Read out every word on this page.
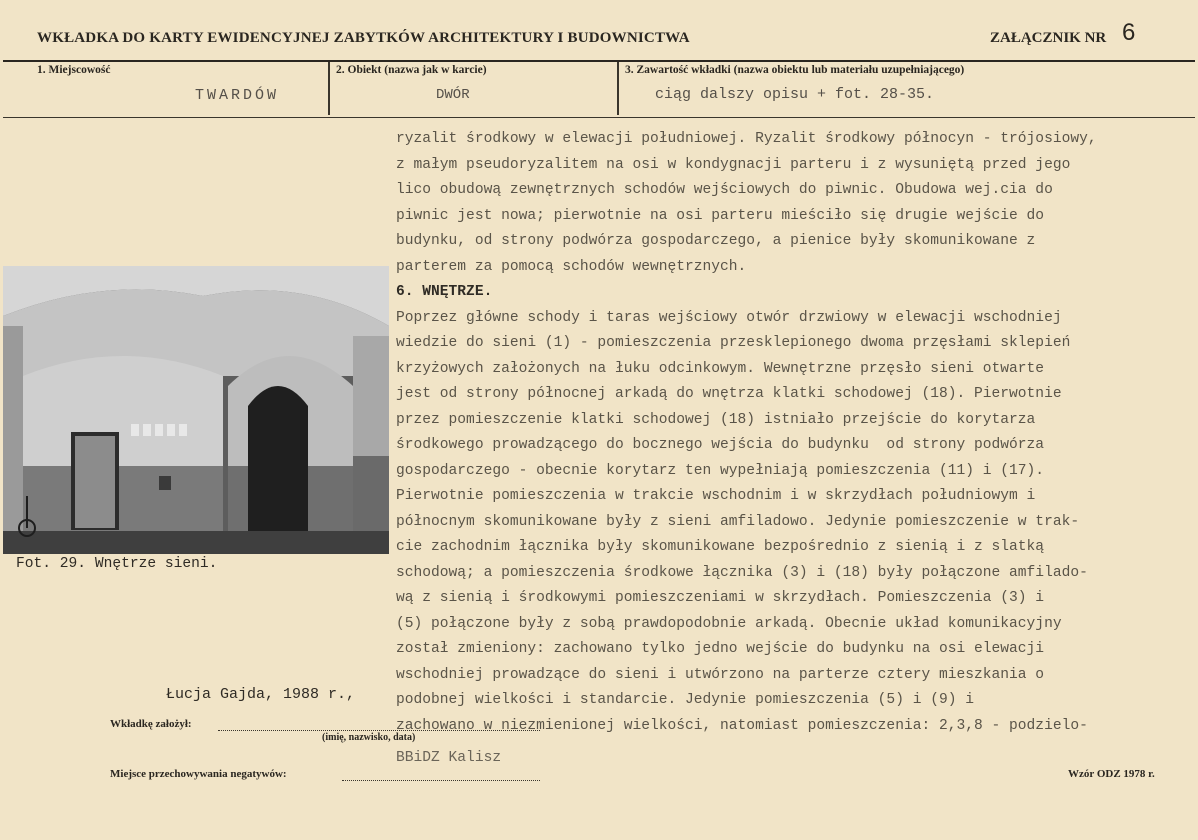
WKŁADKA DO KARTY EWIDENCYJNEJ ZABYTKÓW ARCHITEKTURY I BUDOWNICTWA	ZAŁĄCZNIK NR 6
1. Miejscowość
TWARDÓW
2. Obiekt (nazwa jak w karcie)
DWÓR
3. Zawartość wkładki (nazwa obiektu lub materiału uzupełniającego)
ciąg dalszy opisu + fot. 28-35.
ryzalit środkowy w elewacji południowej. Ryzalit środkowy północyn - trójosiowy,
z małym pseudoryzalitem na osi w kondygnacji parteru i z wysuniętą przed jego
lico obudową zewnętrznych schodów wejściowych do piwnic. Obudowa wej.cia do
piwnic jest nowa; pierwotnie na osi parteru mieściło się drugie wejście do
budynku, od strony podwórza gospodarczego, a pienice były skomunikowane z
parterem za pomocą schodów wewnętrznych.
6. WNĘTRZE.
Poprzez główne schody i taras wejściowy otwór drzwiowy w elewacji wschodniej
wiedzie do sieni (1) - pomieszczenia przesklepionego dwoma przęsłami sklepień
krzyżowych założonych na łuku odcinkowym. Wewnętrzne przęsło sieni otwarte
jest od strony północnej arkadą do wnętrza klatki schodowej (18). Pierwotnie
przez pomieszczenie klatki schodowej (18) istniało przejście do korytarza
środkowego prowadzącego do bocznego wejścia do budynku  od strony podwórza
gospodarczego - obecnie korytarz ten wypełniają pomieszczenia (11) i (17).
Pierwotnie pomieszczenia w trakcie wschodnim i w skrzydłach południowym i
północnym skomunikowane były z sieni amfiladowo. Jedynie pomieszczenie w trak-
cie zachodnim łącznika były skomunikowane bezpośrednio z sienią i z slatką
schodową; a pomieszczenia środkowe łącznika (3) i (18) były połączone amfilado-
wą z sienią i środkowymi pomieszczeniami w skrzydłach. Pomieszczenia (3) i
(5) połączone były z sobą prawdopodobnie arkadą. Obecnie układ komunikacyjny
został zmieniony: zachowano tylko jedno wejście do budynku na osi elewacji
wschodniej prowadzące do sieni i utwórzono na parterze cztery mieszkania o
podobnej wielkości i standarcie. Jedynie pomieszczenia (5) i (9) i
zachowano w niezmienionej wielkości, natomiast pomieszczenia: 2,3,8 - podzielo-
Fot. 29. Wnętrze sieni.
Łucja Gajda, 1988 r.,
Wkładkę założył:
(imię, nazwisko, data)
BBiDZ Kalisz
Miejsce przechowywania negatywów:	Wzór ODZ 1978 r.
